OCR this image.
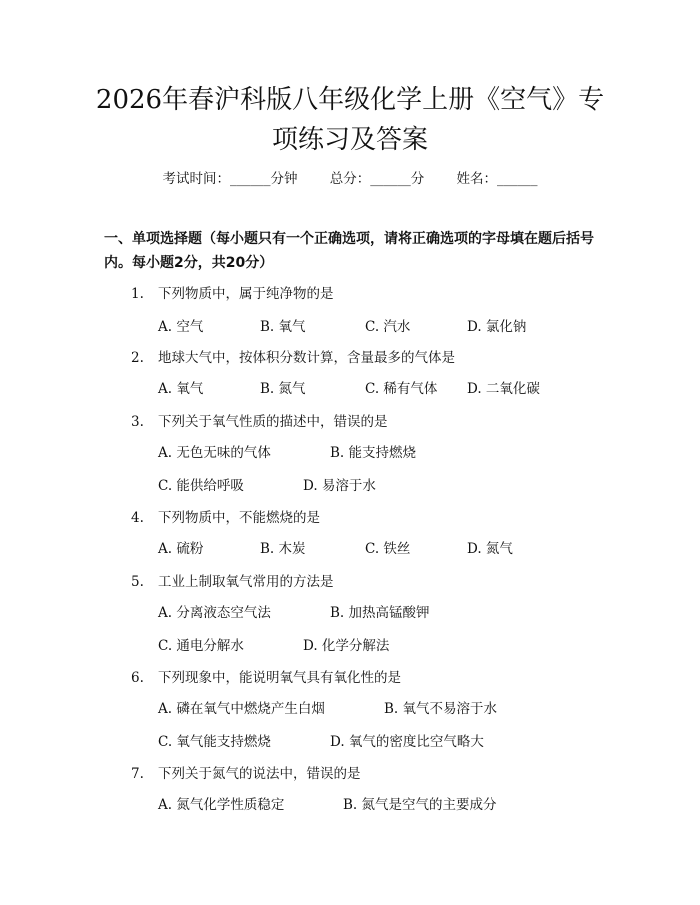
2026年春沪科版八年级化学上册《空气》专
项练习及答案
考试时间：______分钟 总分：______分 姓名：______

一、单项选择题（每小题只有一个正确选项，请将正确选项的字母填在题后括号内。每小题2分，共20分）

1. 下列物质中，属于纯净物的是
A. 空气	B. 氧气	C. 汽水	D. 氯化钠
2. 地球大气中，按体积分数计算，含量最多的气体是
A. 氧气	B. 氮气	C. 稀有气体 D. 二氧化碳
3. 下列关于氧气性质的描述中，错误的是
A. 无色无味的气体	B. 能支持燃烧
C. 能供给呼吸	D. 易溶于水
4. 下列物质中，不能燃烧的是
A. 硫粉	B. 木炭	C. 铁丝	D. 氮气
5. 工业上制取氧气常用的方法是
A. 分离液态空气法	B. 加热高锰酸钾
C. 通电分解水	D. 化学分解法
6. 下列现象中，能说明氧气具有氧化性的是
A. 磷在氧气中燃烧产生白烟	B. 氧气不易溶于水
C. 氧气能支持燃烧	D. 氧气的密度比空气略大
7. 下列关于氮气的说法中，错误的是
A. 氮气化学性质稳定	B. 氮气是空气的主要成分
